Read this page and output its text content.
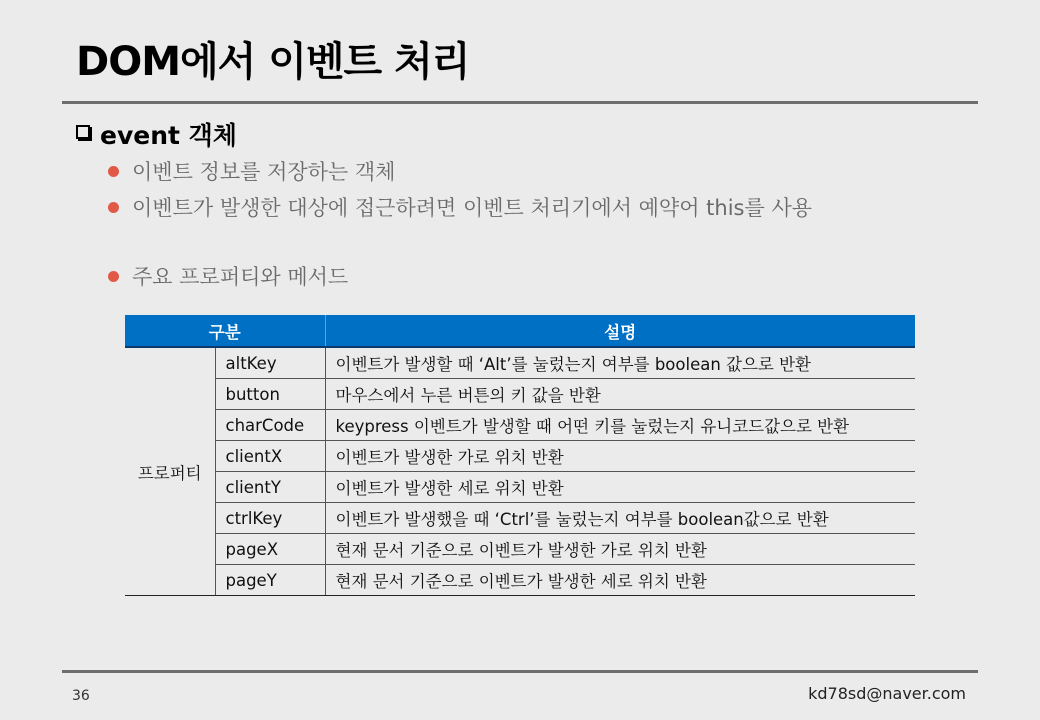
DOM에서 이벤트 처리
event 객체
이벤트 정보를 저장하는 객체
이벤트가 발생한 대상에 접근하려면 이벤트 처리기에서 예약어 this를 사용
주요 프로퍼티와 메서드
구분		설명
프로퍼티	altKey	이벤트가 발생할 때 ‘Alt’를 눌렀는지 여부를 boolean 값으로 반환
	button	마우스에서 누른 버튼의 키 값을 반환
	charCode	keypress 이벤트가 발생할 때 어떤 키를 눌렀는지 유니코드값으로 반환
	clientX	이벤트가 발생한 가로 위치 반환
	clientY	이벤트가 발생한 세로 위치 반환
	ctrlKey	이벤트가 발생했을 때 ‘Ctrl’를 눌렀는지 여부를 boolean값으로 반환
	pageX	현재 문서 기준으로 이벤트가 발생한 가로 위치 반환
	pageY	현재 문서 기준으로 이벤트가 발생한 세로 위치 반환
36	kd78sd@naver.com
